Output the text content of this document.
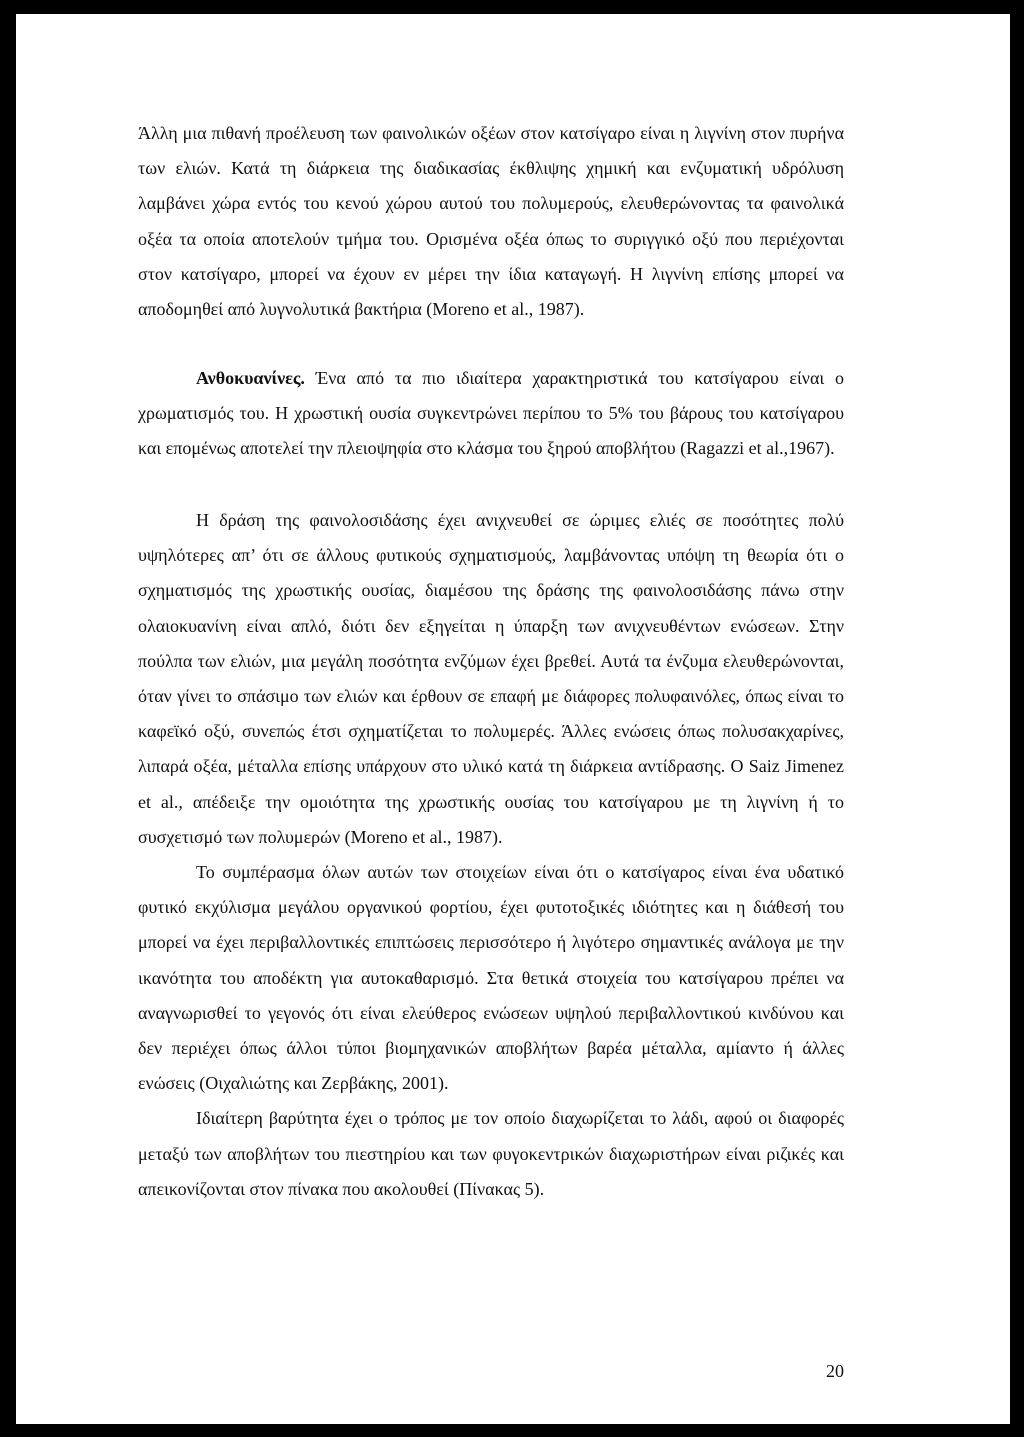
Άλλη μια πιθανή προέλευση των φαινολικών οξέων στον κατσίγαρο είναι η λιγνίνη στον πυρήνα των ελιών. Κατά τη διάρκεια της διαδικασίας έκθλιψης χημική και ενζυματική υδρόλυση λαμβάνει χώρα εντός του κενού χώρου αυτού του πολυμερούς, ελευθερώνοντας τα φαινολικά οξέα τα οποία αποτελούν τμήμα του. Ορισμένα οξέα όπως το συριγγικό οξύ που περιέχονται στον κατσίγαρο, μπορεί να έχουν εν μέρει την ίδια καταγωγή. Η λιγνίνη επίσης μπορεί να αποδομηθεί από λυγνολυτικά βακτήρια (Moreno et al., 1987).

Ανθοκυανίνες. Ένα από τα πιο ιδιαίτερα χαρακτηριστικά του κατσίγαρου είναι ο χρωματισμός του. Η χρωστική ουσία συγκεντρώνει περίπου το 5% του βάρους του κατσίγαρου και επομένως αποτελεί την πλειοψηφία στο κλάσμα του ξηρού αποβλήτου (Ragazzi et al.,1967).

Η δράση της φαινολοσιδάσης έχει ανιχνευθεί σε ώριμες ελιές σε ποσότητες πολύ υψηλότερες απ’ ότι σε άλλους φυτικούς σχηματισμούς, λαμβάνοντας υπόψη τη θεωρία ότι ο σχηματισμός της χρωστικής ουσίας, διαμέσου της δράσης της φαινολοσιδάσης πάνω στην ολαιοκυανίνη είναι απλό, διότι δεν εξηγείται η ύπαρξη των ανιχνευθέντων ενώσεων. Στην πούλπα των ελιών, μια μεγάλη ποσότητα ενζύμων έχει βρεθεί. Αυτά τα ένζυμα ελευθερώνονται, όταν γίνει το σπάσιμο των ελιών και έρθουν σε επαφή με διάφορες πολυφαινόλες, όπως είναι το καφεϊκό οξύ, συνεπώς έτσι σχηματίζεται το πολυμερές. Άλλες ενώσεις όπως πολυσακχαρίνες, λιπαρά οξέα, μέταλλα επίσης υπάρχουν στο υλικό κατά τη διάρκεια αντίδρασης. Ο Saiz Jimenez et al., απέδειξε την ομοιότητα της χρωστικής ουσίας του κατσίγαρου με τη λιγνίνη ή το συσχετισμό των πολυμερών (Moreno et al., 1987).

Το συμπέρασμα όλων αυτών των στοιχείων είναι ότι ο κατσίγαρος είναι ένα υδατικό φυτικό εκχύλισμα μεγάλου οργανικού φορτίου, έχει φυτοτοξικές ιδιότητες και η διάθεσή του μπορεί να έχει περιβαλλοντικές επιπτώσεις περισσότερο ή λιγότερο σημαντικές ανάλογα με την ικανότητα του αποδέκτη για αυτοκαθαρισμό. Στα θετικά στοιχεία του κατσίγαρου πρέπει να αναγνωρισθεί το γεγονός ότι είναι ελεύθερος ενώσεων υψηλού περιβαλλοντικού κινδύνου και δεν περιέχει όπως άλλοι τύποι βιομηχανικών αποβλήτων βαρέα μέταλλα, αμίαντο ή άλλες ενώσεις (Οιχαλιώτης και Ζερβάκης, 2001).

Ιδιαίτερη βαρύτητα έχει ο τρόπος με τον οποίο διαχωρίζεται το λάδι, αφού οι διαφορές μεταξύ των αποβλήτων του πιεστηρίου και των φυγοκεντρικών διαχωριστήρων είναι ριζικές και απεικονίζονται στον πίνακα που ακολουθεί (Πίνακας 5).

20
